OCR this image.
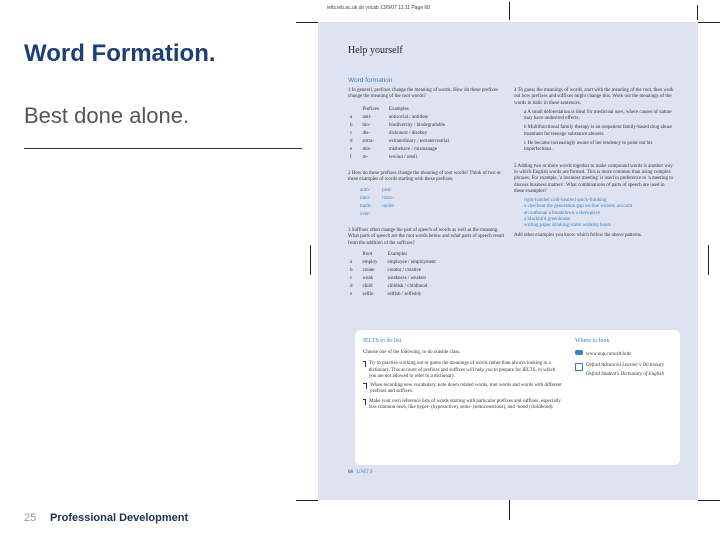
Word Formation.
Best done alone.
25 Professional Development
ielts.ieb.ac.uk sb vocab 13/9/07 11:11 Page 68
Help yourself
Word formation
1 In general, prefixes change the meaning of words. How do these prefixes change the meaning of the root words?
	Prefixes	Examples
a	anti-	antisocial / antidote
b	bio-	biodiversity / biodegradable
c	dis-	dishonest / disobey
d	extra-	extraordinary / extraterrestrial
e	mis-	misbehave / mismanage
f	re-	rewind / retell
2 How do these prefixes change the meaning of root words? Think of two or three examples of words starting with these prefixes.
auto-	post-
inter-	trans-
multi-	under-
over-	
3 Suffixes often change the part of speech of words as well as the meaning. What parts of speech are the root words below and what parts of speech result from the addition of the suffixes?
	Root	Examples
a	employ	employee / employment
b	create	creator / creative
c	weak	weakness / weaken
d	child	childish / childhood
e	selfie	selfish / selfishly
4 To guess the meanings of words, start with the meaning of the root, then work out how prefixes and suffixes might change this. Work out the meanings of the words in italic in these sentences.
a A small deforestation is ideal for medicinal uses, where causes of nature may have undesired effects.
b Multifunctional family therapy is an outpatient family-based drug abuse treatment for teenage substance abusers.
c He became increasingly aware of her tendency to point out his imperfections.
5 Adding two or more words together to make compound words is another way in which English words are formed. This is more common than using complex phrases. For example, 'a business meeting' is used in preference to 'a meeting to discuss business matters'. What combinations of parts of speech are used in these examples?
right-handed cold-hearted quick-thinking
a checkout the generation gap on-line witness account
an outbreak a breakdown a showpiece
a blackbird greenhouse
writing paper drinking water walking boots
Add other examples you know which follow the above patterns.
IELTS to do list
Choose one of the following, to do outside class.
Try to practise working out or guess the meanings of words rather than always looking in a dictionary. This account of prefixes and suffixes will help you to prepare for IELTS, in which you are not allowed to refer to a dictionary.
When recording new vocabulary, note down related words, root words and words with different prefixes and suffixes.
Make your own reference lists of words starting with particular prefixes and suffixes, especially less common ones, like hyper- (hyperactive), semi- (semiconscious), and -hood (childhood).
Where to look
www.oup.com/elt/ielts
Oxford Advanced Learner's Dictionary
Oxford Student's Dictionary of English
68 UNIT 9
